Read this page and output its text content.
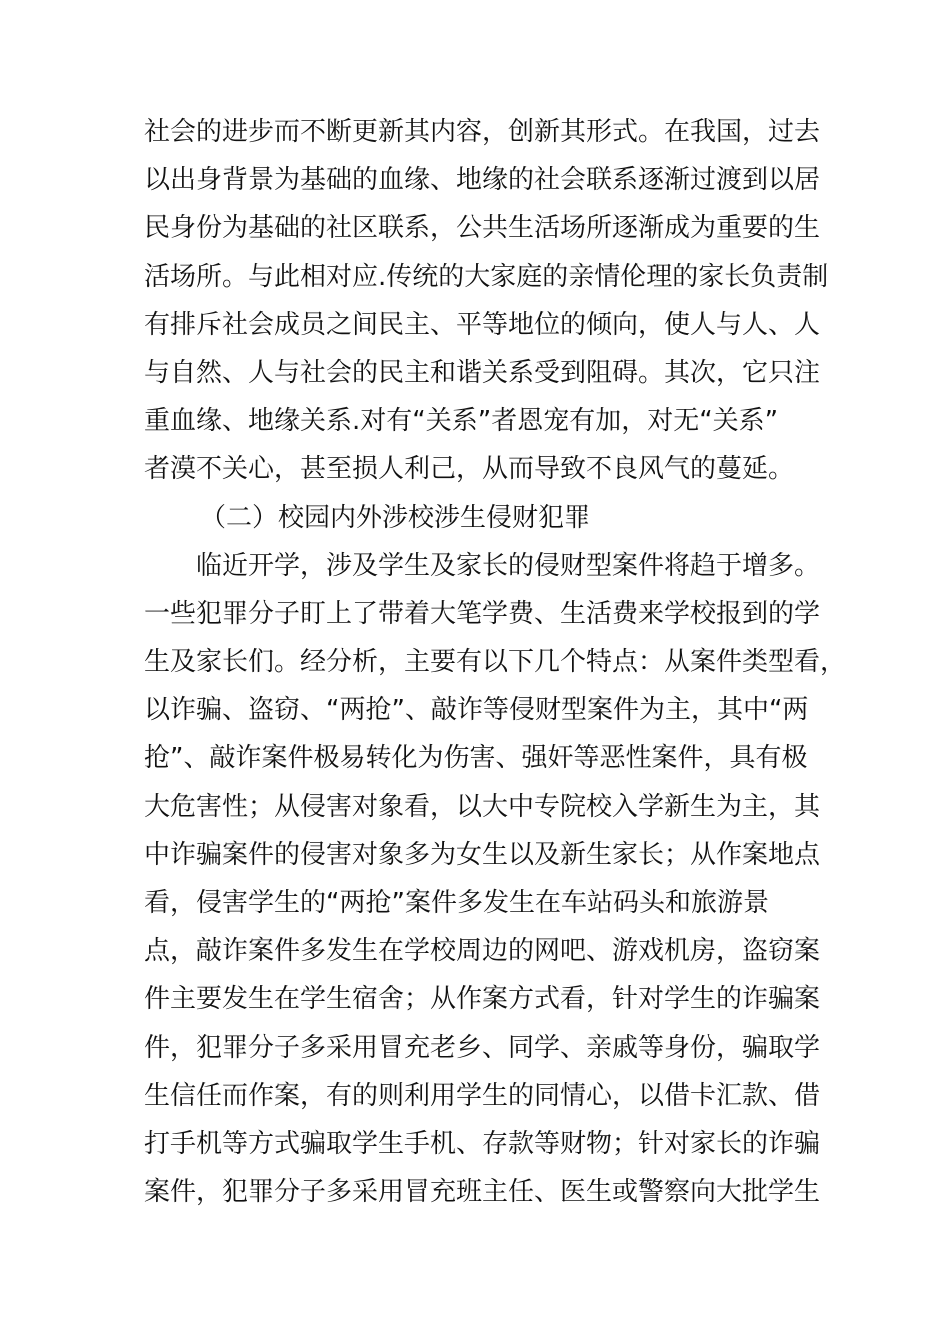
社会的进步而不断更新其内容，创新其形式。在我国，过去
以出身背景为基础的血缘、地缘的社会联系逐渐过渡到以居
民身份为基础的社区联系，公共生活场所逐渐成为重要的生
活场所。与此相对应.传统的大家庭的亲情伦理的家长负责制
有排斥社会成员之间民主、平等地位的倾向，使人与人、人
与自然、人与社会的民主和谐关系受到阻碍。其次，它只注
重血缘、地缘关系.对有“关系”者恩宠有加，对无“关系”
者漠不关心，甚至损人利己，从而导致不良风气的蔓延。
（二）校园内外涉校涉生侵财犯罪
临近开学，涉及学生及家长的侵财型案件将趋于增多。
一些犯罪分子盯上了带着大笔学费、生活费来学校报到的学
生及家长们。经分析，主要有以下几个特点：从案件类型看，
以诈骗、盗窃、“两抢”、敲诈等侵财型案件为主，其中“两
抢”、敲诈案件极易转化为伤害、强奸等恶性案件，具有极
大危害性；从侵害对象看，以大中专院校入学新生为主，其
中诈骗案件的侵害对象多为女生以及新生家长；从作案地点
看，侵害学生的“两抢”案件多发生在车站码头和旅游景
点，敲诈案件多发生在学校周边的网吧、游戏机房，盗窃案
件主要发生在学生宿舍；从作案方式看，针对学生的诈骗案
件，犯罪分子多采用冒充老乡、同学、亲戚等身份，骗取学
生信任而作案，有的则利用学生的同情心，以借卡汇款、借
打手机等方式骗取学生手机、存款等财物；针对家长的诈骗
案件，犯罪分子多采用冒充班主任、医生或警察向大批学生
